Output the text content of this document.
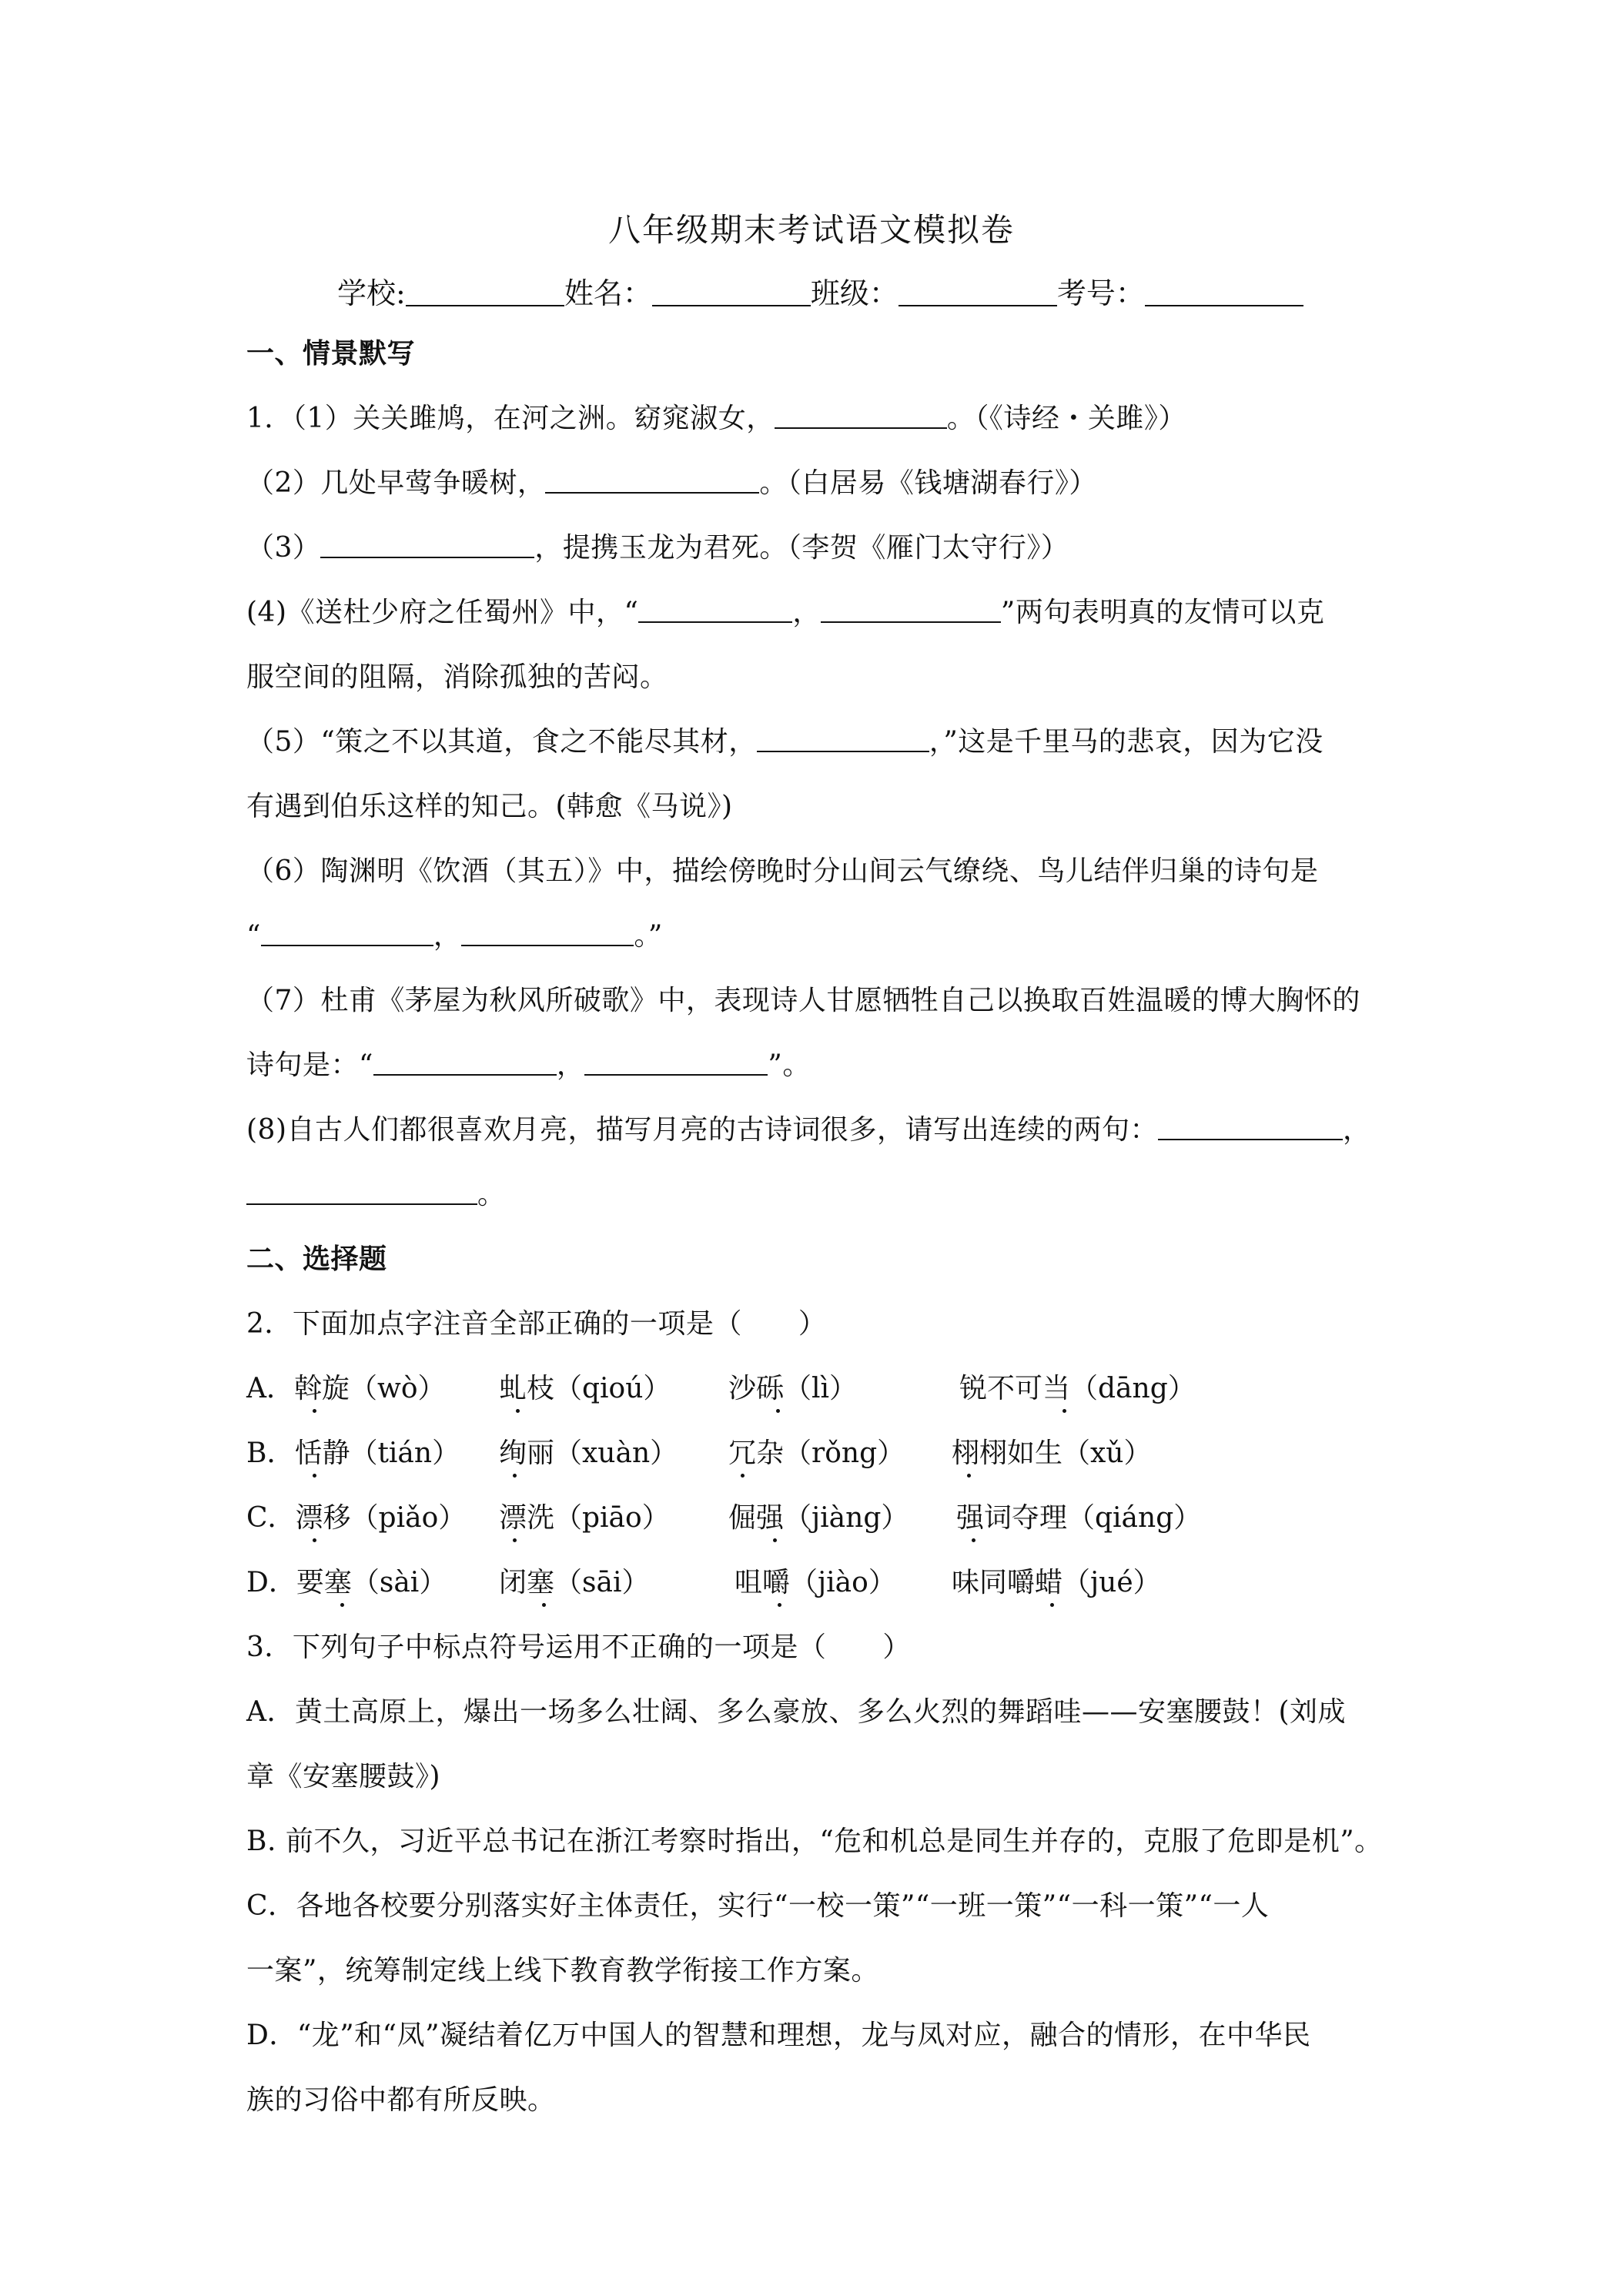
八年级期末考试语文模拟卷
学校:	姓名：	班级：	考号：
一、情景默写
1．（1）关关雎鸠，在河之洲。窈窕淑女，	。（《诗经・关雎》）
（2）几处早莺争暖树，	。（白居易《钱塘湖春行》）
（3）	，提携玉龙为君死。（李贺《雁门太守行》）
(4)《送杜少府之任蜀州》中，“	，	”两句表明真的友情可以克
服空间的阻隔，消除孤独的苦闷。
（5）“策之不以其道，食之不能尽其材，	，”这是千里马的悲哀，因为它没
有遇到伯乐这样的知己。(韩愈《马说》)
（6）陶渊明《饮酒（其五）》中，描绘傍晚时分山间云气缭绕、鸟儿结伴归巢的诗句是
“	，	。”
（7）杜甫《茅屋为秋风所破歌》中，表现诗人甘愿牺牲自己以换取百姓温暖的博大胸怀的
诗句是：“	，	”。
(8)自古人们都很喜欢月亮，描写月亮的古诗词很多，请写出连续的两句：	，
。
二、选择题
2．下面加点字注音全部正确的一项是（　　）
A．斡旋（wò） 虬枝（qioú） 沙砾（lì）	锐不可当（dāng）
B．恬静（tián） 绚丽（xuàn） 冗杂（rǒng） 栩栩如生（xǔ）
C．漂移（piǎo） 漂洗（piāo） 倔强（jiàng） 强词夺理（qiáng）
D．要塞（sài） 闭塞（sāi）	咀嚼（jiào） 味同嚼蜡（jué）
3．下列句子中标点符号运用不正确的一项是（　　）
A．黄土高原上，爆出一场多么壮阔、多么豪放、多么火烈的舞蹈哇——安塞腰鼓！(刘成
章《安塞腰鼓》)
B. 前不久，习近平总书记在浙江考察时指出，“危和机总是同生并存的，克服了危即是机”。
C．各地各校要分别落实好主体责任，实行“一校一策”“一班一策”“一科一策”“一人
一案”，统筹制定线上线下教育教学衔接工作方案。
D．“龙”和“凤”凝结着亿万中国人的智慧和理想，龙与凤对应，融合的情形，在中华民
族的习俗中都有所反映。
